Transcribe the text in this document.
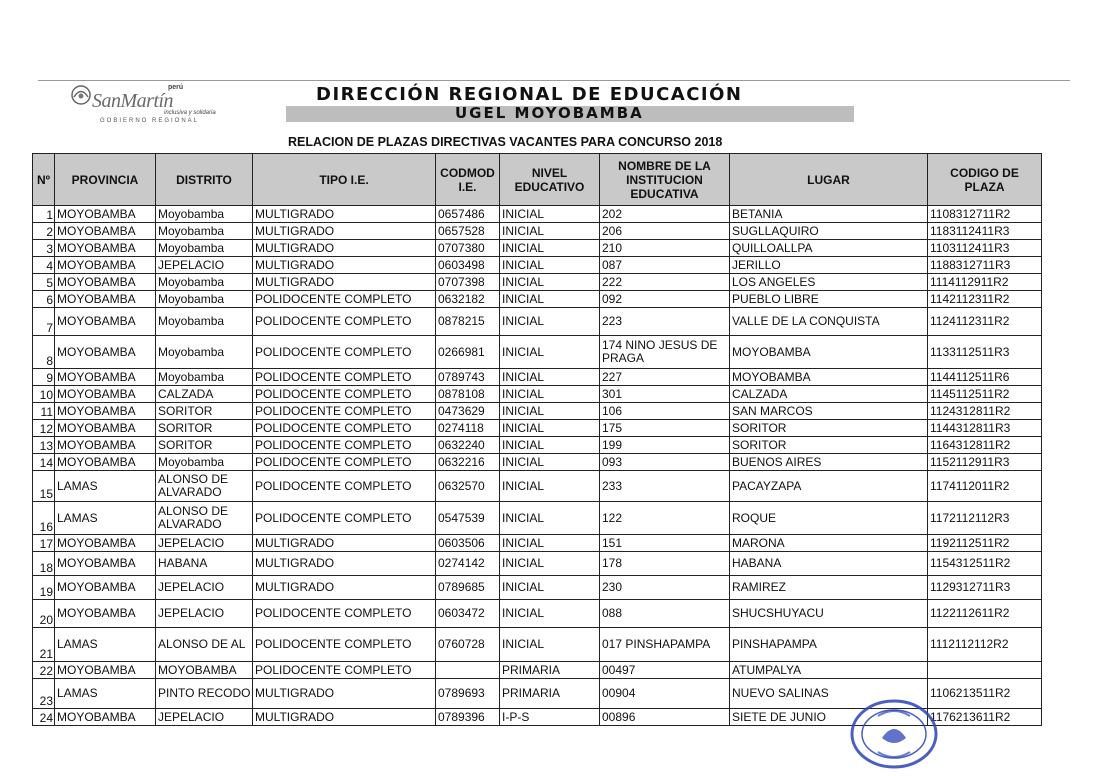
perú
SanMartín
inclusiva y solidaria
GOBIERNO REGIONAL
DIRECCIÓN REGIONAL DE EDUCACIÓN
UGEL MOYOBAMBA
RELACION DE PLAZAS DIRECTIVAS VACANTES PARA CONCURSO 2018
Nº	PROVINCIA	DISTRITO	TIPO I.E.	CODMOD I.E.	NIVEL EDUCATIVO	NOMBRE DE LA INSTITUCION EDUCATIVA	LUGAR	CODIGO DE PLAZA
1	MOYOBAMBA	Moyobamba	MULTIGRADO	0657486	INICIAL	202	BETANIA	1108312711R2
2	MOYOBAMBA	Moyobamba	MULTIGRADO	0657528	INICIAL	206	SUGLLAQUIRO	1183112411R3
3	MOYOBAMBA	Moyobamba	MULTIGRADO	0707380	INICIAL	210	QUILLOALLPA	1103112411R3
4	MOYOBAMBA	JEPELACIO	MULTIGRADO	0603498	INICIAL	087	JERILLO	1188312711R3
5	MOYOBAMBA	Moyobamba	MULTIGRADO	0707398	INICIAL	222	LOS ANGELES	1114112911R2
6	MOYOBAMBA	Moyobamba	POLIDOCENTE COMPLETO	0632182	INICIAL	092	PUEBLO LIBRE	1142112311R2
7	MOYOBAMBA	Moyobamba	POLIDOCENTE COMPLETO	0878215	INICIAL	223	VALLE DE LA CONQUISTA	1124112311R2
8	MOYOBAMBA	Moyobamba	POLIDOCENTE COMPLETO	0266981	INICIAL	174 NINO JESUS DE PRAGA	MOYOBAMBA	1133112511R3
9	MOYOBAMBA	Moyobamba	POLIDOCENTE COMPLETO	0789743	INICIAL	227	MOYOBAMBA	1144112511R6
10	MOYOBAMBA	CALZADA	POLIDOCENTE COMPLETO	0878108	INICIAL	301	CALZADA	1145112511R2
11	MOYOBAMBA	SORITOR	POLIDOCENTE COMPLETO	0473629	INICIAL	106	SAN MARCOS	1124312811R2
12	MOYOBAMBA	SORITOR	POLIDOCENTE COMPLETO	0274118	INICIAL	175	SORITOR	1144312811R3
13	MOYOBAMBA	SORITOR	POLIDOCENTE COMPLETO	0632240	INICIAL	199	SORITOR	1164312811R2
14	MOYOBAMBA	Moyobamba	POLIDOCENTE COMPLETO	0632216	INICIAL	093	BUENOS AIRES	1152112911R3
15	LAMAS	ALONSO DE ALVARADO	POLIDOCENTE COMPLETO	0632570	INICIAL	233	PACAYZAPA	1174112011R2
16	LAMAS	ALONSO DE ALVARADO	POLIDOCENTE COMPLETO	0547539	INICIAL	122	ROQUE	1172112112R3
17	MOYOBAMBA	JEPELACIO	MULTIGRADO	0603506	INICIAL	151	MARONA	1192112511R2
18	MOYOBAMBA	HABANA	MULTIGRADO	0274142	INICIAL	178	HABANA	1154312511R2
19	MOYOBAMBA	JEPELACIO	MULTIGRADO	0789685	INICIAL	230	RAMIREZ	1129312711R3
20	MOYOBAMBA	JEPELACIO	POLIDOCENTE COMPLETO	0603472	INICIAL	088	SHUCSHUYACU	1122112611R2
21	LAMAS	ALONSO DE AL	POLIDOCENTE COMPLETO	0760728	INICIAL	017 PINSHAPAMPA	PINSHAPAMPA	1112112112R2
22	MOYOBAMBA	MOYOBAMBA	POLIDOCENTE COMPLETO		PRIMARIA	00497	ATUMPALYA	
23	LAMAS	PINTO RECODO	MULTIGRADO	0789693	PRIMARIA	00904	NUEVO SALINAS	1106213511R2
24	MOYOBAMBA	JEPELACIO	MULTIGRADO	0789396	I-P-S	00896	SIETE DE JUNIO	1176213611R2
